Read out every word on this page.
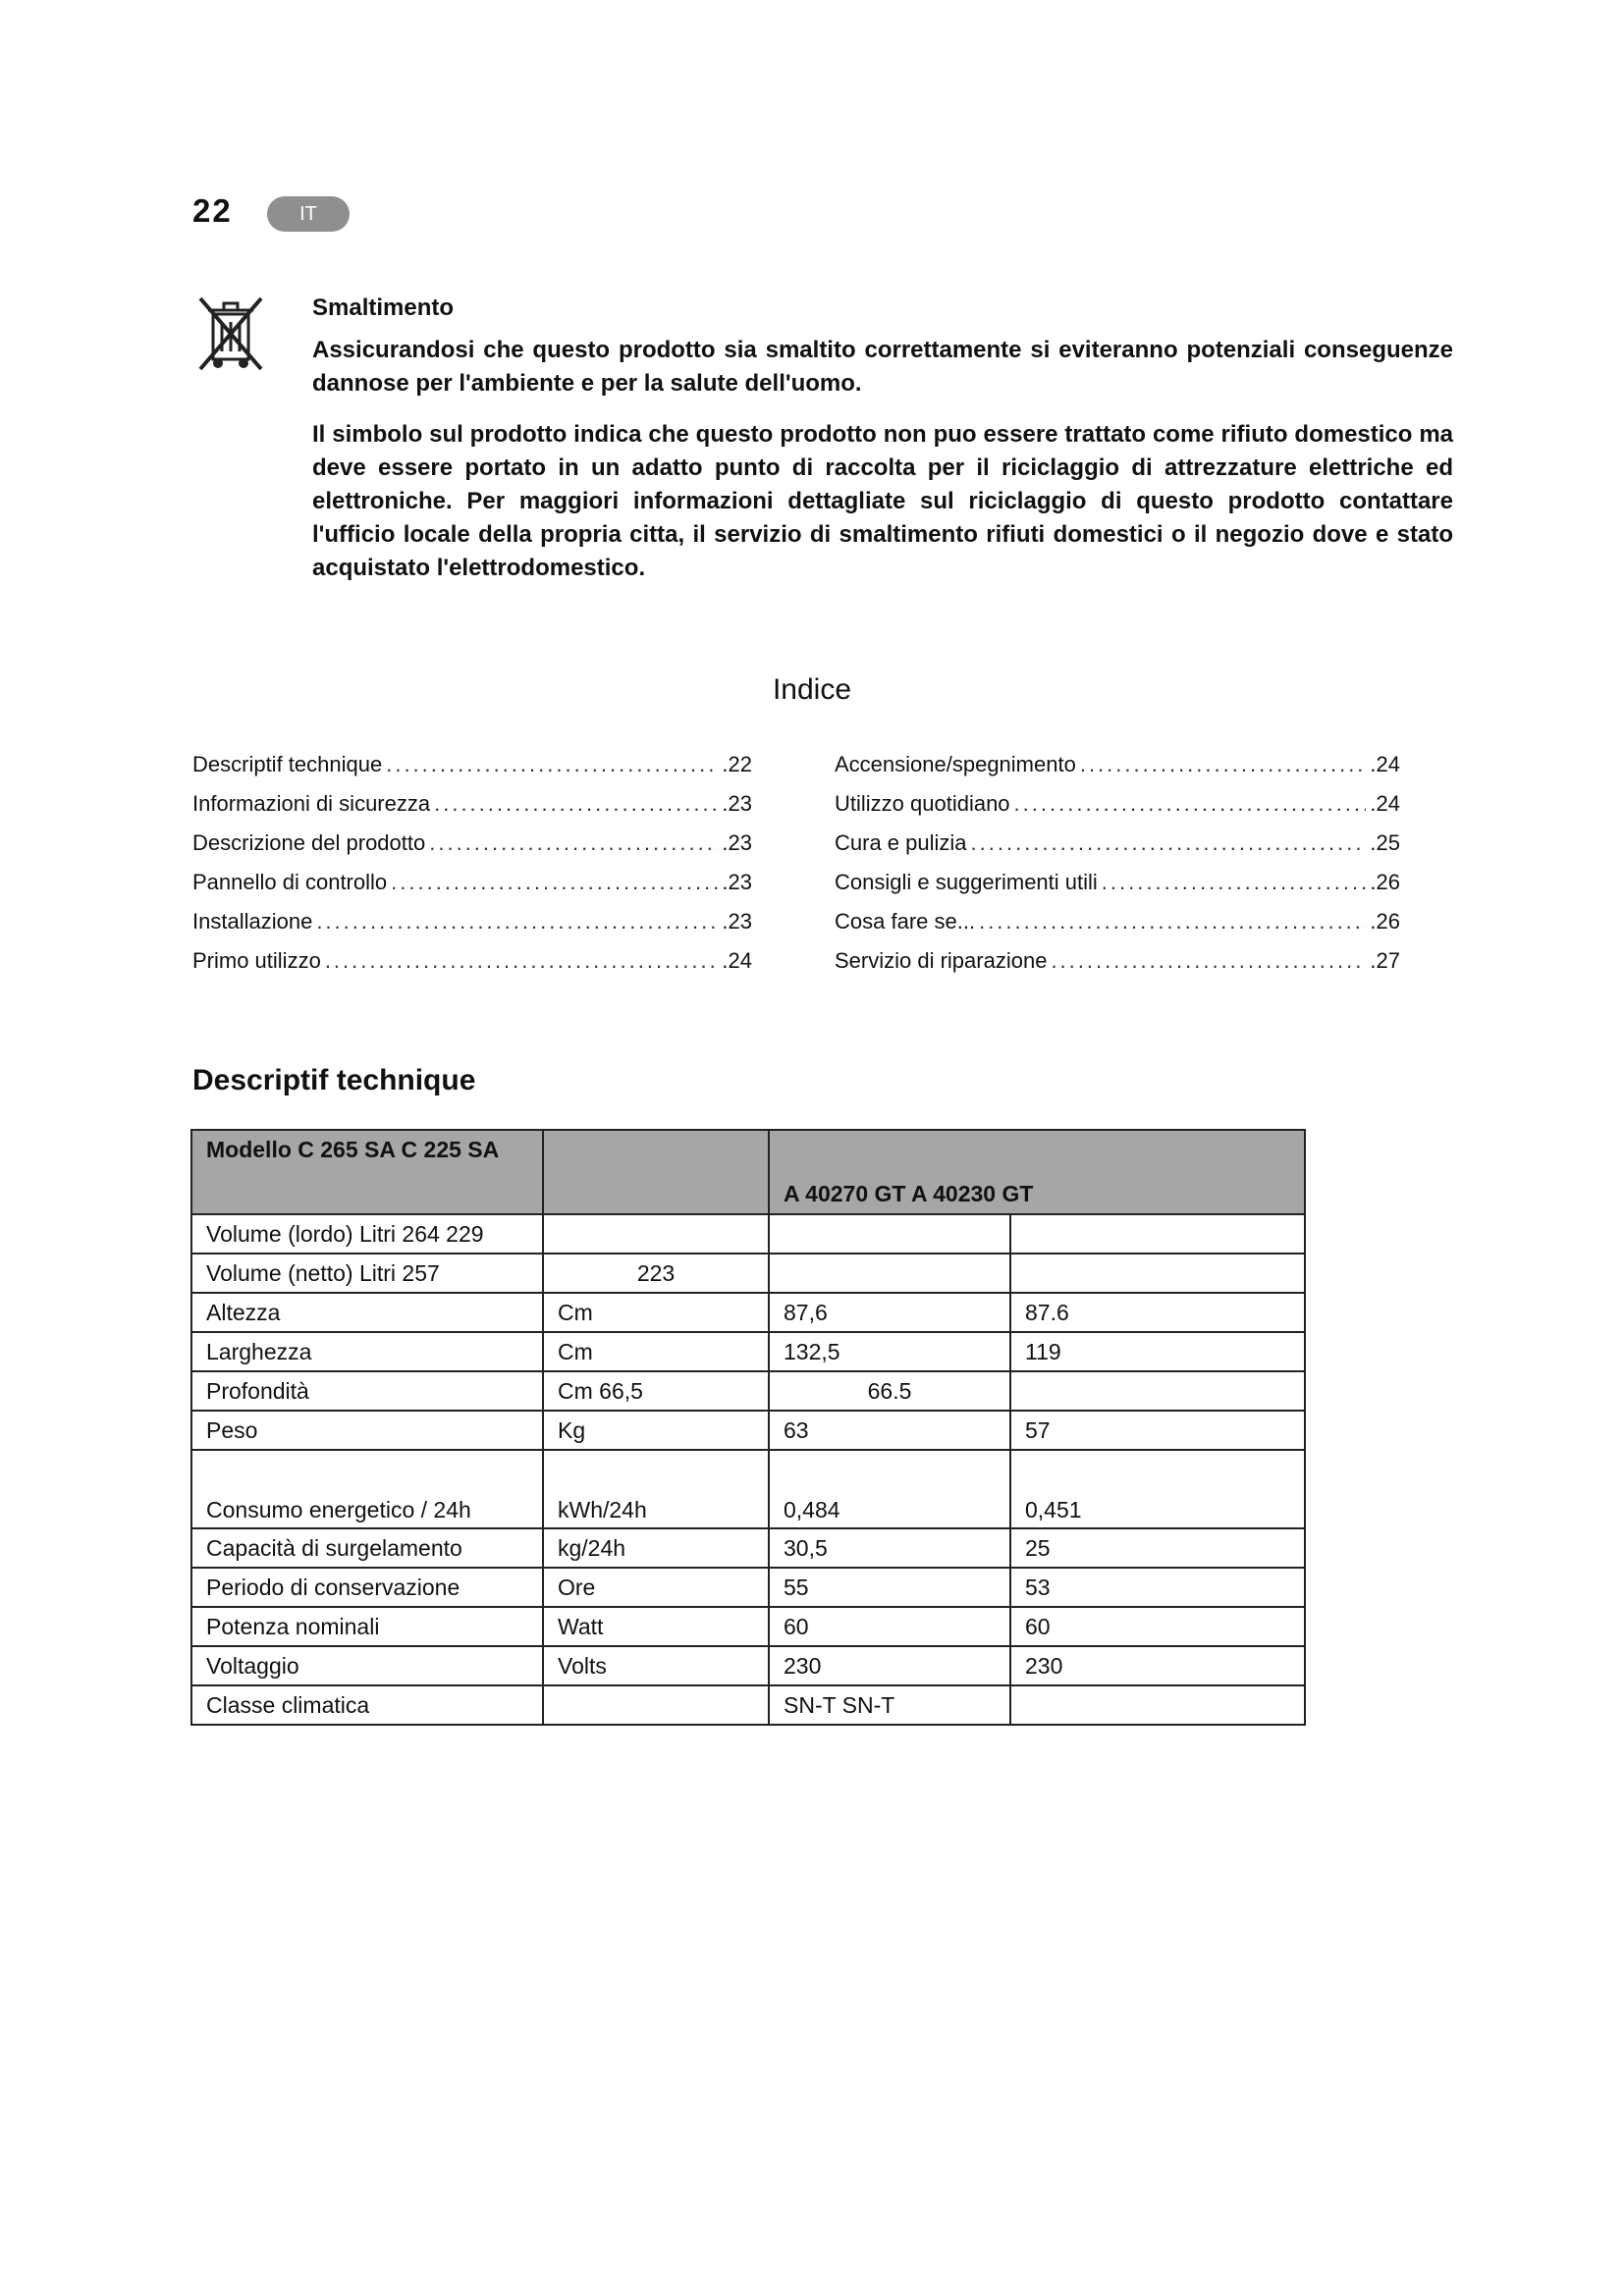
22	IT
Smaltimento

Assicurandosi che questo prodotto sia smaltito correttamente si eviteranno potenziali conseguenze dannose per l'ambiente e per la salute dell'uomo.

Il simbolo sul prodotto indica che questo prodotto non puo essere trattato come rifiuto domestico ma deve essere portato in un adatto punto di raccolta per il riciclaggio di attrezzature elettriche ed elettroniche. Per maggiori informazioni dettagliate sul riciclaggio di questo prodotto contattare l'ufficio locale della propria citta, il servizio di smaltimento rifiuti domestici o il negozio dove e stato acquistato l'elettrodomestico.

Indice
Descriptif technique .....	.22
Informazioni di sicurezza .....	.23
Descrizione del prodotto .....	.23
Pannello di controllo .....	.23
Installazione .....	.23
Primo utilizzo .....	.24
Accensione/spegnimento .....	.24
Utilizzo quotidiano .....	.24
Cura e pulizia .....	.25
Consigli e suggerimenti utili .....	.26
Cosa fare se... .....	.26
Servizio di riparazione .....	.27
Descriptif technique
Modello C 265 SA C 225 SA		A 40270 GT A 40230 GT	
Volume (lordo) Litri 264 229			
Volume (netto) Litri 257	223		
Altezza	Cm	87,6	87.6
Larghezza	Cm	132,5	119
Profondità	Cm 66,5	66.5	
Peso	Kg	63	57
Consumo energetico / 24h	kWh/24h	0,484	0,451
Capacità di surgelamento	kg/24h	30,5	25
Periodo di conservazione	Ore	55	53
Potenza nominali	Watt	60	60
Voltaggio	Volts	230	230
Classe climatica		SN-T SN-T	
